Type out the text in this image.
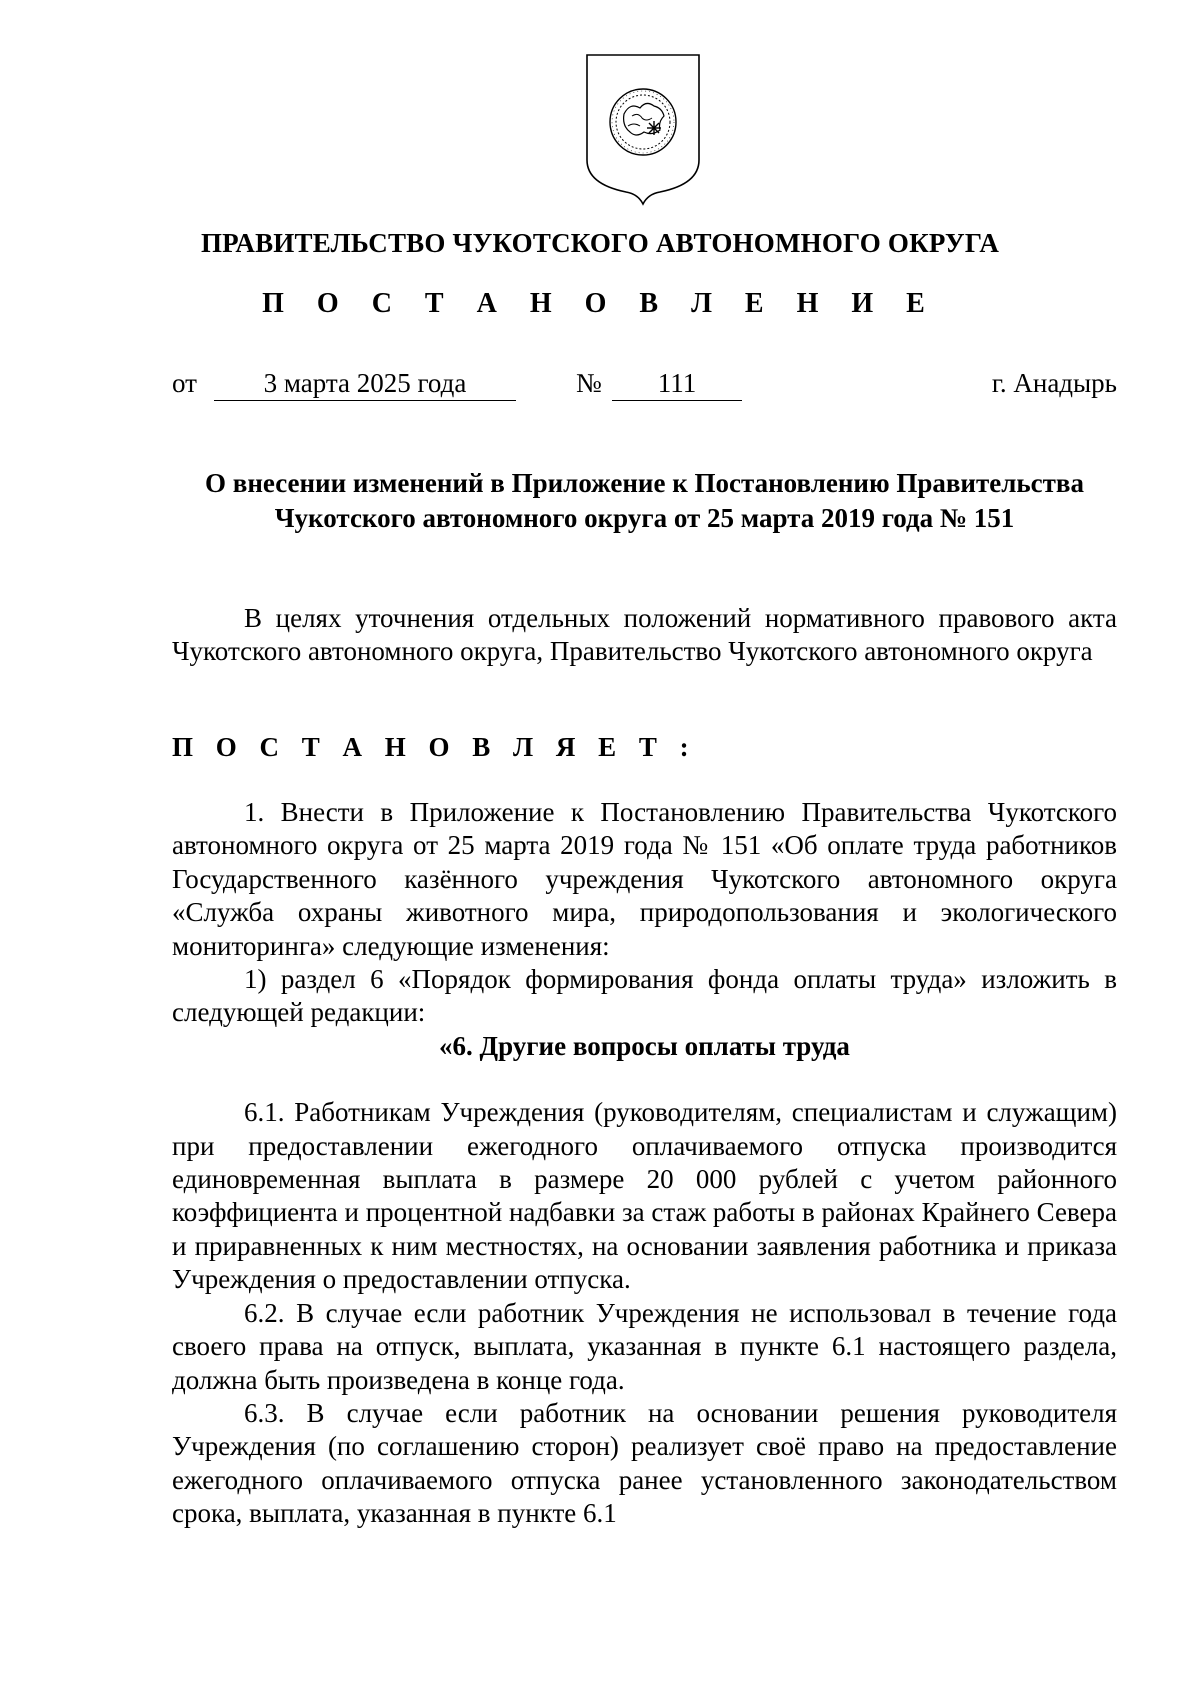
ПРАВИТЕЛЬСТВО ЧУКОТСКОГО АВТОНОМНОГО ОКРУГА
П О С Т А Н О В Л Е Н И Е
от	3 марта 2025 года	№	111	г. Анадырь
О внесении изменений в Приложение к Постановлению Правительства
Чукотского автономного округа от 25 марта 2019 года № 151

В целях уточнения отдельных положений нормативного правового акта Чукотского автономного округа, Правительство Чукотского автономного округа

П О С Т А Н О В Л Я Е Т :

1. Внести в Приложение к Постановлению Правительства Чукотского автономного округа от 25 марта 2019 года № 151 «Об оплате труда работников Государственного казённого учреждения Чукотского автономного округа «Служба охраны животного мира, природопользования и экологического мониторинга» следующие изменения:

1) раздел 6 «Порядок формирования фонда оплаты труда» изложить в следующей редакции:

«6. Другие вопросы оплаты труда

6.1. Работникам Учреждения (руководителям, специалистам и служащим) при предоставлении ежегодного оплачиваемого отпуска производится единовременная выплата в размере 20 000 рублей с учетом районного коэффициента и процентной надбавки за стаж работы в районах Крайнего Севера и приравненных к ним местностях, на основании заявления работника и приказа Учреждения о предоставлении отпуска.

6.2. В случае если работник Учреждения не использовал в течение года своего права на отпуск, выплата, указанная в пункте 6.1 настоящего раздела, должна быть произведена в конце года.

6.3. В случае если работник на основании решения руководителя Учреждения (по соглашению сторон) реализует своё право на предоставление ежегодного оплачиваемого отпуска ранее установленного законодательством срока, выплата, указанная в пункте 6.1
